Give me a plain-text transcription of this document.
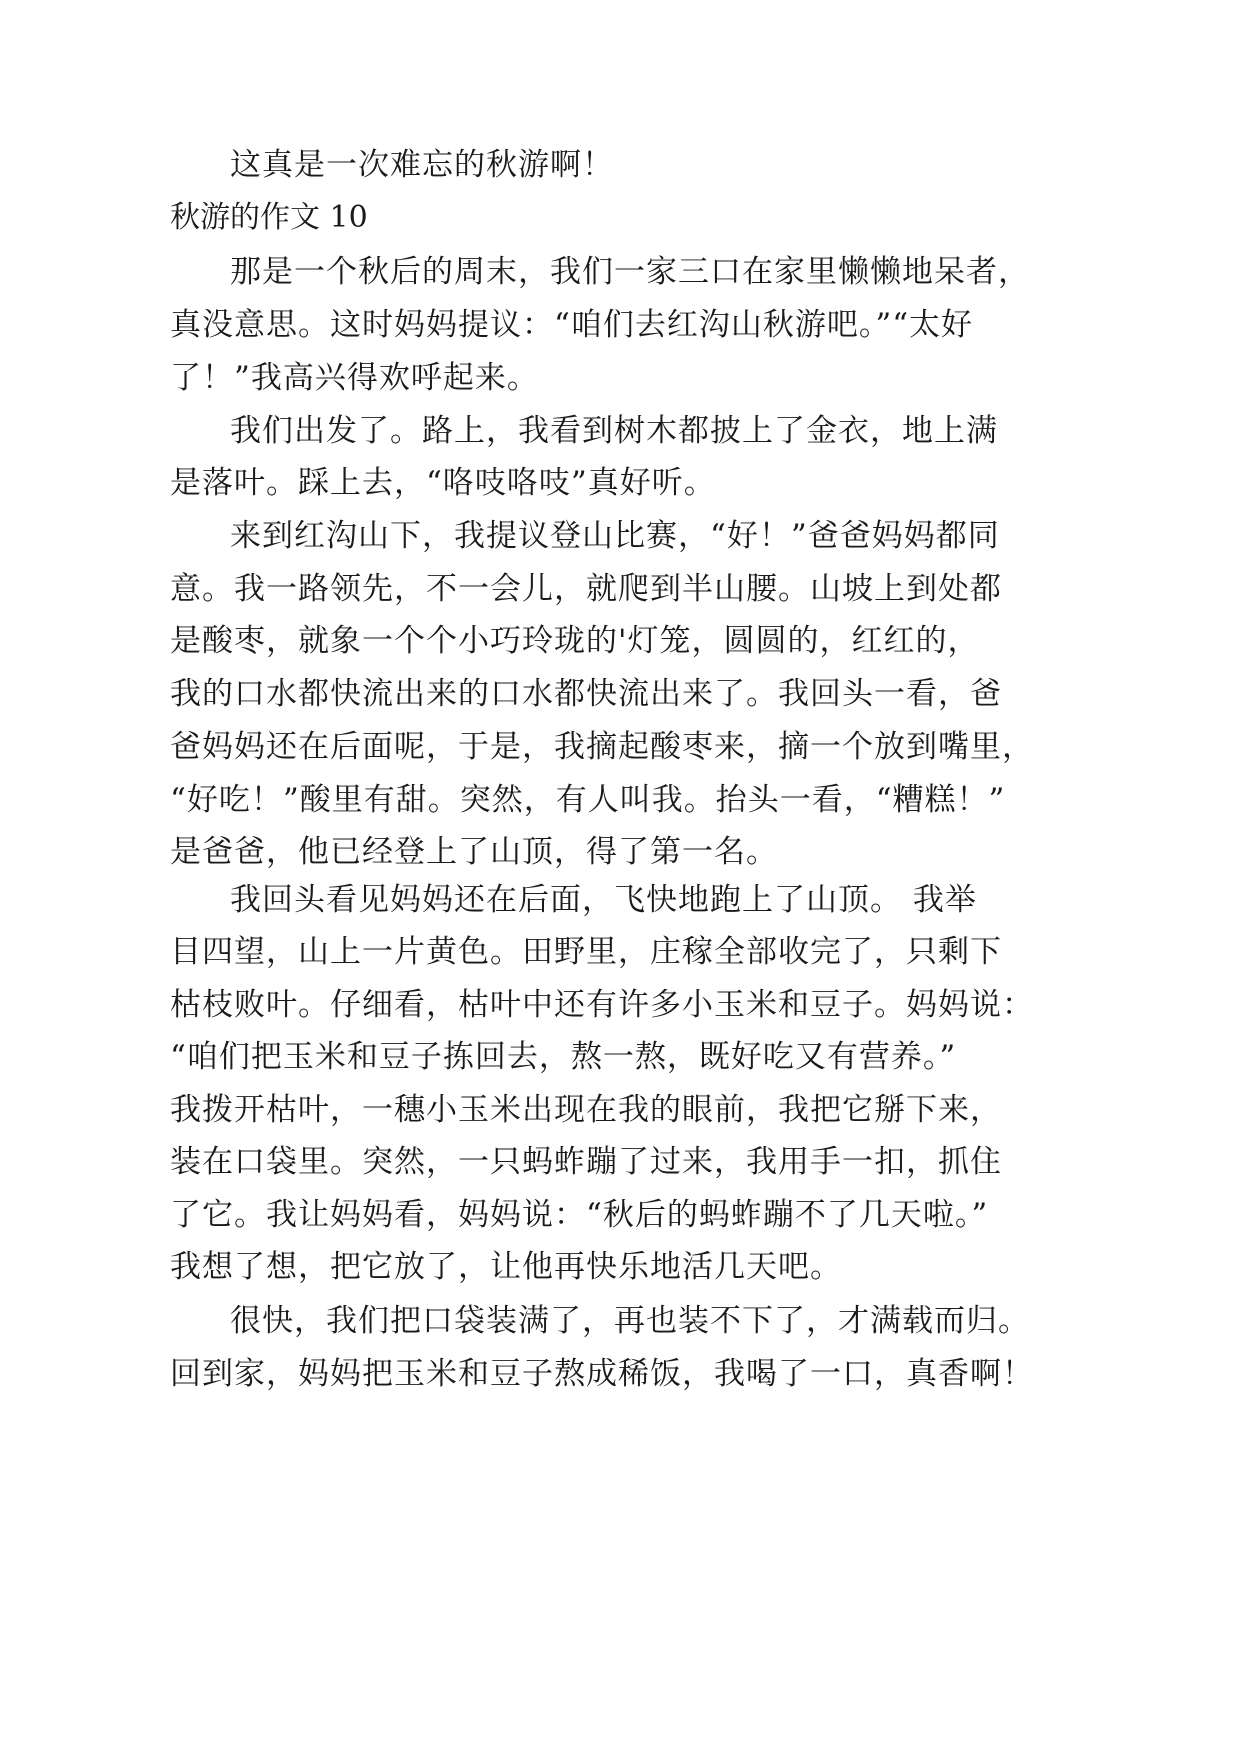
这真是一次难忘的秋游啊！
秋游的作文 10
那是一个秋后的周末，我们一家三口在家里懒懒地呆者，
真没意思。这时妈妈提议：“咱们去红沟山秋游吧。”“太好
了！”我高兴得欢呼起来。
我们出发了。路上，我看到树木都披上了金衣，地上满
是落叶。踩上去，“咯吱咯吱”真好听。
来到红沟山下，我提议登山比赛，“好！”爸爸妈妈都同
意。我一路领先，不一会儿，就爬到半山腰。山坡上到处都
是酸枣，就象一个个小巧玲珑的'灯笼，圆圆的，红红的，
我的口水都快流出来的口水都快流出来了。我回头一看，爸
爸妈妈还在后面呢，于是，我摘起酸枣来，摘一个放到嘴里，
“好吃！”酸里有甜。突然，有人叫我。抬头一看，“糟糕！”
是爸爸，他已经登上了山顶，得了第一名。
我回头看见妈妈还在后面，飞快地跑上了山顶。 我举
目四望，山上一片黄色。田野里，庄稼全部收完了，只剩下
枯枝败叶。仔细看，枯叶中还有许多小玉米和豆子。妈妈说：
“咱们把玉米和豆子拣回去，熬一熬，既好吃又有营养。”
我拨开枯叶，一穗小玉米出现在我的眼前，我把它掰下来，
装在口袋里。突然，一只蚂蚱蹦了过来，我用手一扣，抓住
了它。我让妈妈看，妈妈说：“秋后的蚂蚱蹦不了几天啦。”
我想了想，把它放了，让他再快乐地活几天吧。
很快，我们把口袋装满了，再也装不下了，才满载而归。
回到家，妈妈把玉米和豆子熬成稀饭，我喝了一口，真香啊！
